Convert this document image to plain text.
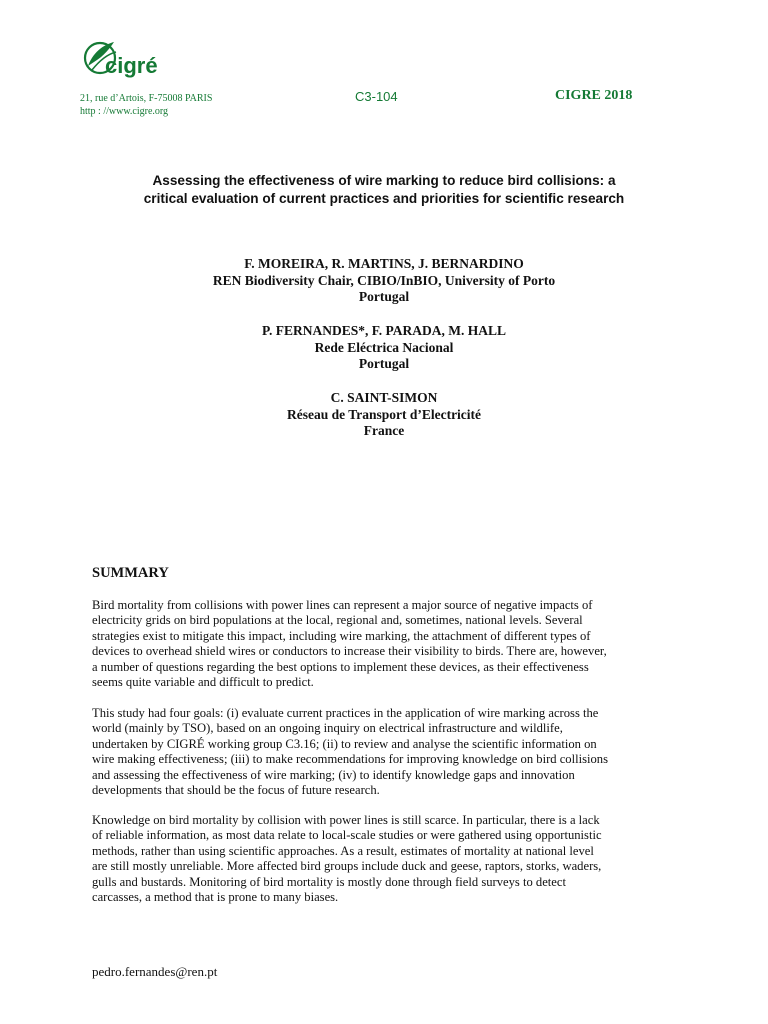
cigré
21, rue d’Artois, F-75008 PARIS
http : //www.cigre.org
C3-104	CIGRE 2018
Assessing the effectiveness of wire marking to reduce bird collisions: a
critical evaluation of current practices and priorities for scientific research
F. MOREIRA, R. MARTINS, J. BERNARDINO
REN Biodiversity Chair, CIBIO/InBIO, University of Porto
Portugal
P. FERNANDES*, F. PARADA, M. HALL
Rede Eléctrica Nacional
Portugal
C. SAINT-SIMON
Réseau de Transport d’Electricité
France
SUMMARY
Bird mortality from collisions with power lines can represent a major source of negative impacts of
electricity grids on bird populations at the local, regional and, sometimes, national levels. Several
strategies exist to mitigate this impact, including wire marking, the attachment of different types of
devices to overhead shield wires or conductors to increase their visibility to birds. There are, however,
a number of questions regarding the best options to implement these devices, as their effectiveness
seems quite variable and difficult to predict.
This study had four goals: (i) evaluate current practices in the application of wire marking across the
world (mainly by TSO), based on an ongoing inquiry on electrical infrastructure and wildlife,
undertaken by CIGRÉ working group C3.16; (ii) to review and analyse the scientific information on
wire making effectiveness; (iii) to make recommendations for improving knowledge on bird collisions
and assessing the effectiveness of wire marking; (iv) to identify knowledge gaps and innovation
developments that should be the focus of future research.
Knowledge on bird mortality by collision with power lines is still scarce. In particular, there is a lack
of reliable information, as most data relate to local-scale studies or were gathered using opportunistic
methods, rather than using scientific approaches. As a result, estimates of mortality at national level
are still mostly unreliable. More affected bird groups include duck and geese, raptors, storks, waders,
gulls and bustards. Monitoring of bird mortality is mostly done through field surveys to detect
carcasses, a method that is prone to many biases.
pedro.fernandes@ren.pt
